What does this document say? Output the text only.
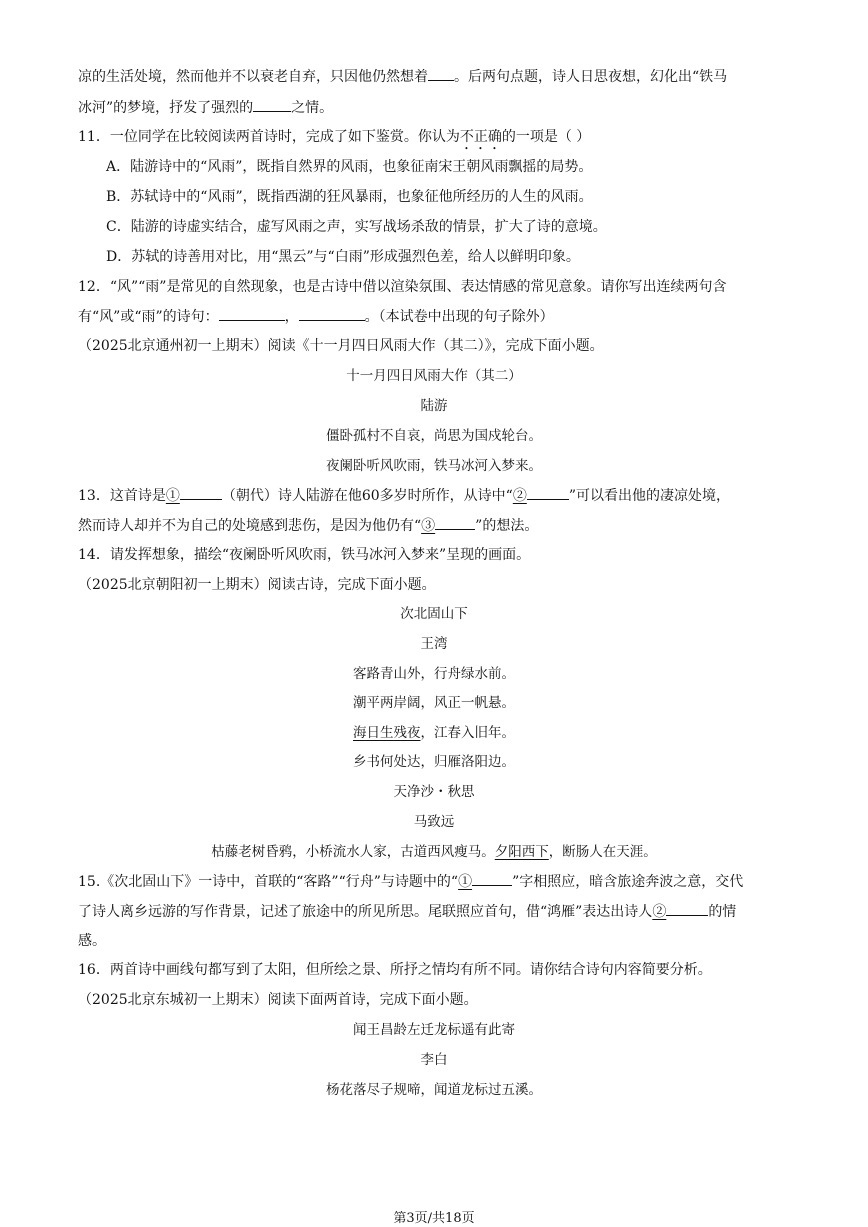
凉的生活处境，然而他并不以衰老自弃，只因他仍然想着 。后两句点题，诗人日思夜想，幻化出“铁马
冰河”的梦境，抒发了强烈的	之情。
11．一位同学在比较阅读两首诗时，完成了如下鉴赏。你认为不正确的一项是（ ）
A．陆游诗中的“风雨”，既指自然界的风雨，也象征南宋王朝风雨飘摇的局势。
B．苏轼诗中的“风雨”，既指西湖的狂风暴雨，也象征他所经历的人生的风雨。
C．陆游的诗虚实结合，虚写风雨之声，实写战场杀敌的情景，扩大了诗的意境。
D．苏轼的诗善用对比，用“黑云”与“白雨”形成强烈色差，给人以鲜明印象。
12．“风”“雨”是常见的自然现象，也是古诗中借以渲染氛围、表达情感的常见意象。请你写出连续两句含
有“风”或“雨”的诗句：	，	。（本试卷中出现的句子除外）
（2025北京通州初一上期末）阅读《十一月四日风雨大作（其二）》，完成下面小题。
十一月四日风雨大作（其二）
陆游
僵卧孤村不自哀，尚思为国戍轮台。
夜阑卧听风吹雨，铁马冰河入梦来。
13．这首诗是①	（朝代）诗人陆游在他60多岁时所作，从诗中“②	”可以看出他的凄凉处境，
然而诗人却并不为自己的处境感到悲伤，是因为他仍有“③	”的想法。
14．请发挥想象，描绘“夜阑卧听风吹雨，铁马冰河入梦来”呈现的画面。
（2025北京朝阳初一上期末）阅读古诗，完成下面小题。
次北固山下
王湾
客路青山外，行舟绿水前。
潮平两岸阔，风正一帆悬。
海日生残夜，江春入旧年。
乡书何处达，归雁洛阳边。
天净沙・秋思
马致远
枯藤老树昏鸦，小桥流水人家，古道西风瘦马。夕阳西下，断肠人在天涯。
15.《次北固山下》一诗中，首联的“客路”“行舟”与诗题中的“①	”字相照应，暗含旅途奔波之意，交代
了诗人离乡远游的写作背景，记述了旅途中的所见所思。尾联照应首句，借“鸿雁”表达出诗人②	的情
感。
16．两首诗中画线句都写到了太阳，但所绘之景、所抒之情均有所不同。请你结合诗句内容简要分析。
（2025北京东城初一上期末）阅读下面两首诗，完成下面小题。
闻王昌龄左迁龙标遥有此寄
李白
杨花落尽子规啼，闻道龙标过五溪。
第3页/共18页
